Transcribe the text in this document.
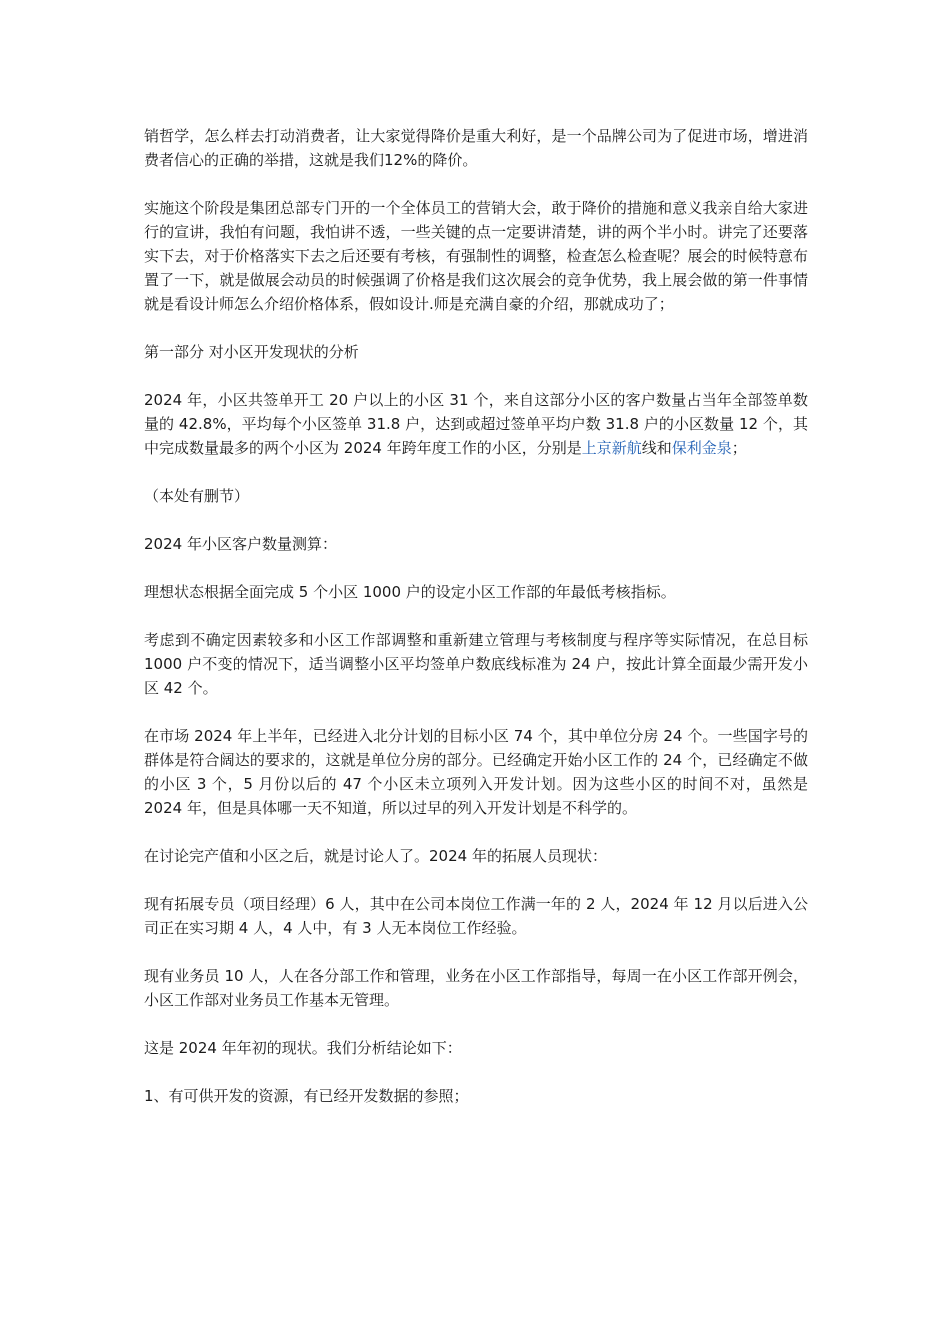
销哲学，怎么样去打动消费者，让大家觉得降价是重大利好，是一个品牌公司为了促进市场，增进消费者信心的正确的举措，这就是我们12%的降价。

实施这个阶段是集团总部专门开的一个全体员工的营销大会，敢于降价的措施和意义我亲自给大家进行的宣讲，我怕有问题，我怕讲不透，一些关键的点一定要讲清楚，讲的两个半小时。讲完了还要落实下去，对于价格落实下去之后还要有考核，有强制性的调整，检查怎么检查呢？展会的时候特意布置了一下，就是做展会动员的时候强调了价格是我们这次展会的竞争优势，我上展会做的第一件事情就是看设计师怎么介绍价格体系，假如设计.师是充满自豪的介绍，那就成功了；

第一部分 对小区开发现状的分析

2024 年，小区共签单开工 20 户以上的小区 31 个，来自这部分小区的客户数量占当年全部签单数量的 42.8%，平均每个小区签单 31.8 户，达到或超过签单平均户数 31.8 户的小区数量 12 个，其中完成数量最多的两个小区为 2024 年跨年度工作的小区，分别是上京新航线和保利金泉；

（本处有删节）

2024 年小区客户数量测算：

理想状态根据全面完成 5 个小区 1000 户的设定小区工作部的年最低考核指标。

考虑到不确定因素较多和小区工作部调整和重新建立管理与考核制度与程序等实际情况，在总目标 1000 户不变的情况下，适当调整小区平均签单户数底线标准为 24 户，按此计算全面最少需开发小区 42 个。

在市场 2024 年上半年，已经进入北分计划的目标小区 74 个，其中单位分房 24 个。一些国字号的群体是符合阔达的要求的，这就是单位分房的部分。已经确定开始小区工作的 24 个，已经确定不做的小区 3 个，5 月份以后的 47 个小区未立项列入开发计划。因为这些小区的时间不对，虽然是 2024 年，但是具体哪一天不知道，所以过早的列入开发计划是不科学的。

在讨论完产值和小区之后，就是讨论人了。2024 年的拓展人员现状：

现有拓展专员（项目经理）6 人，其中在公司本岗位工作满一年的 2 人，2024 年 12 月以后进入公司正在实习期 4 人，4 人中，有 3 人无本岗位工作经验。

现有业务员 10 人，人在各分部工作和管理，业务在小区工作部指导，每周一在小区工作部开例会，小区工作部对业务员工作基本无管理。

这是 2024 年年初的现状。我们分析结论如下：

1、有可供开发的资源，有已经开发数据的参照；
